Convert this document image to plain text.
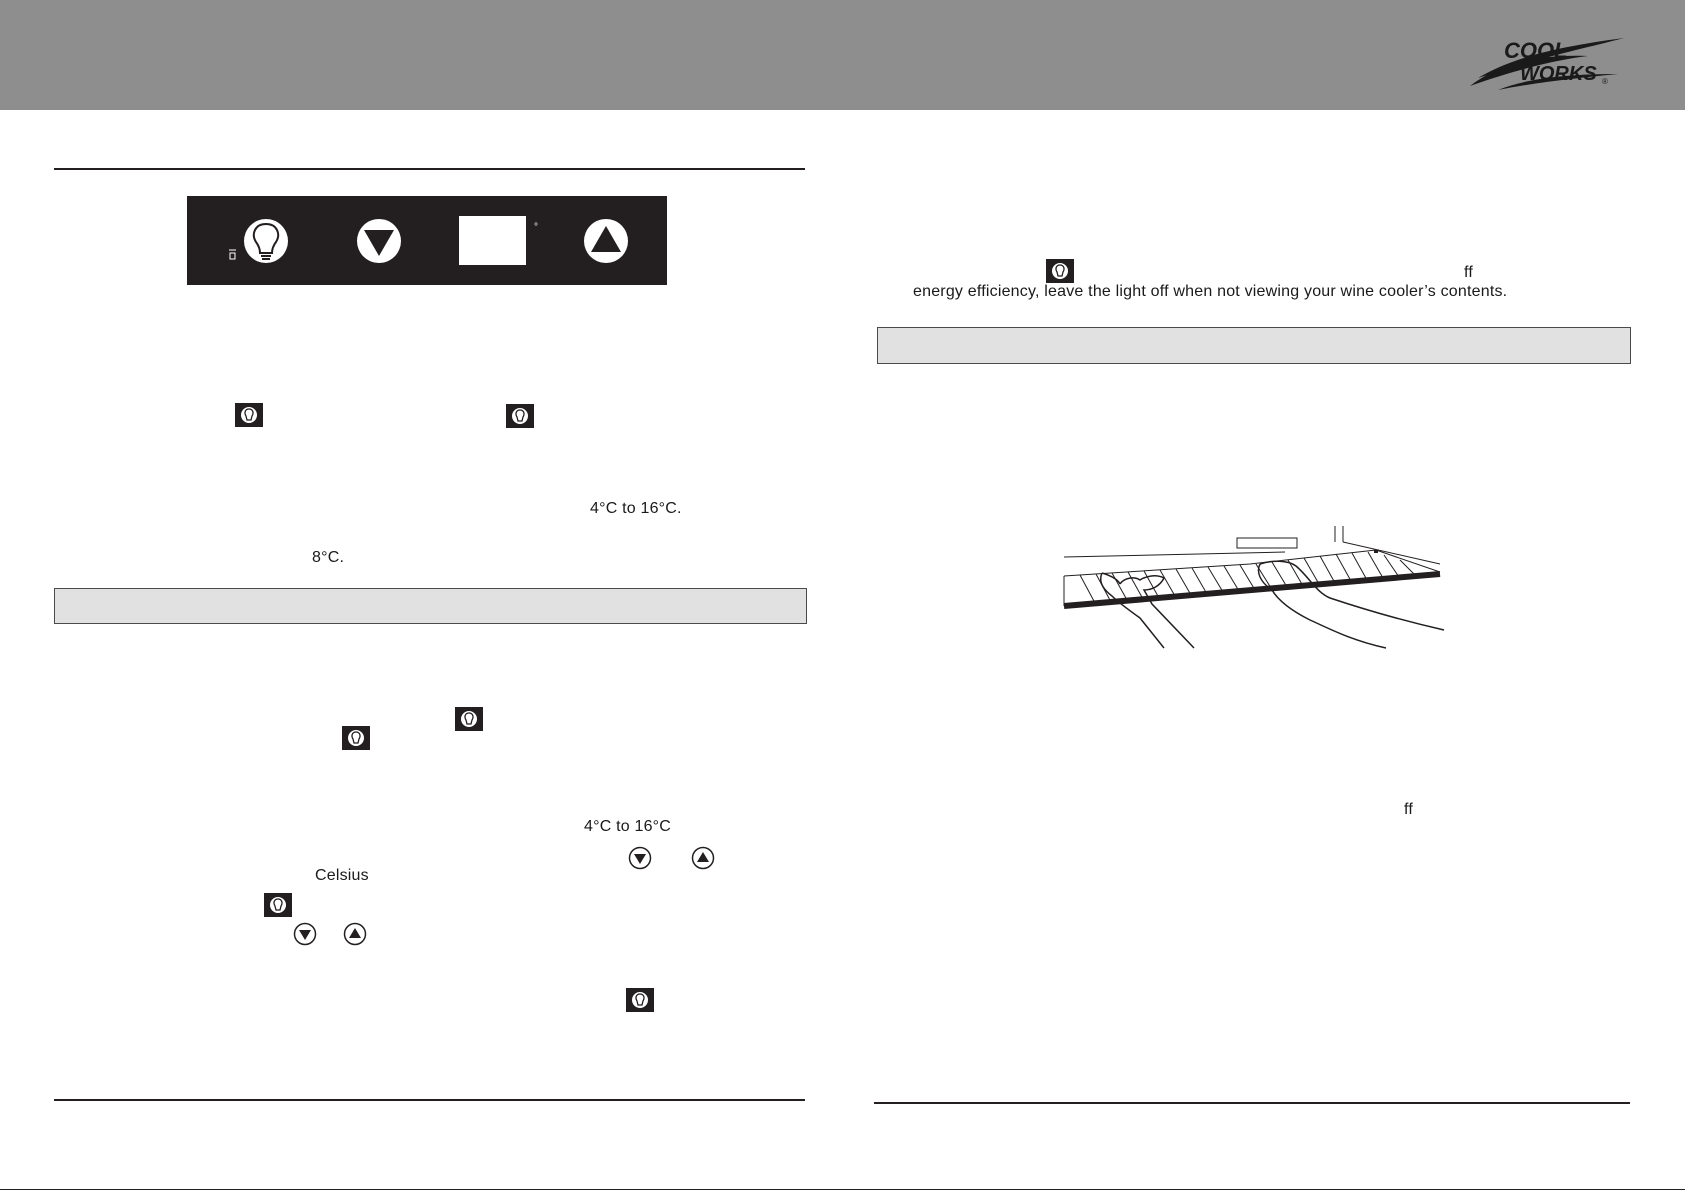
COOL
WORKS ®
°
4°C to 16°C.
8°C.
4°C to 16°C
Celsius
ff
energy efficiency, leave the light off when not viewing your wine cooler’s contents.
ff
